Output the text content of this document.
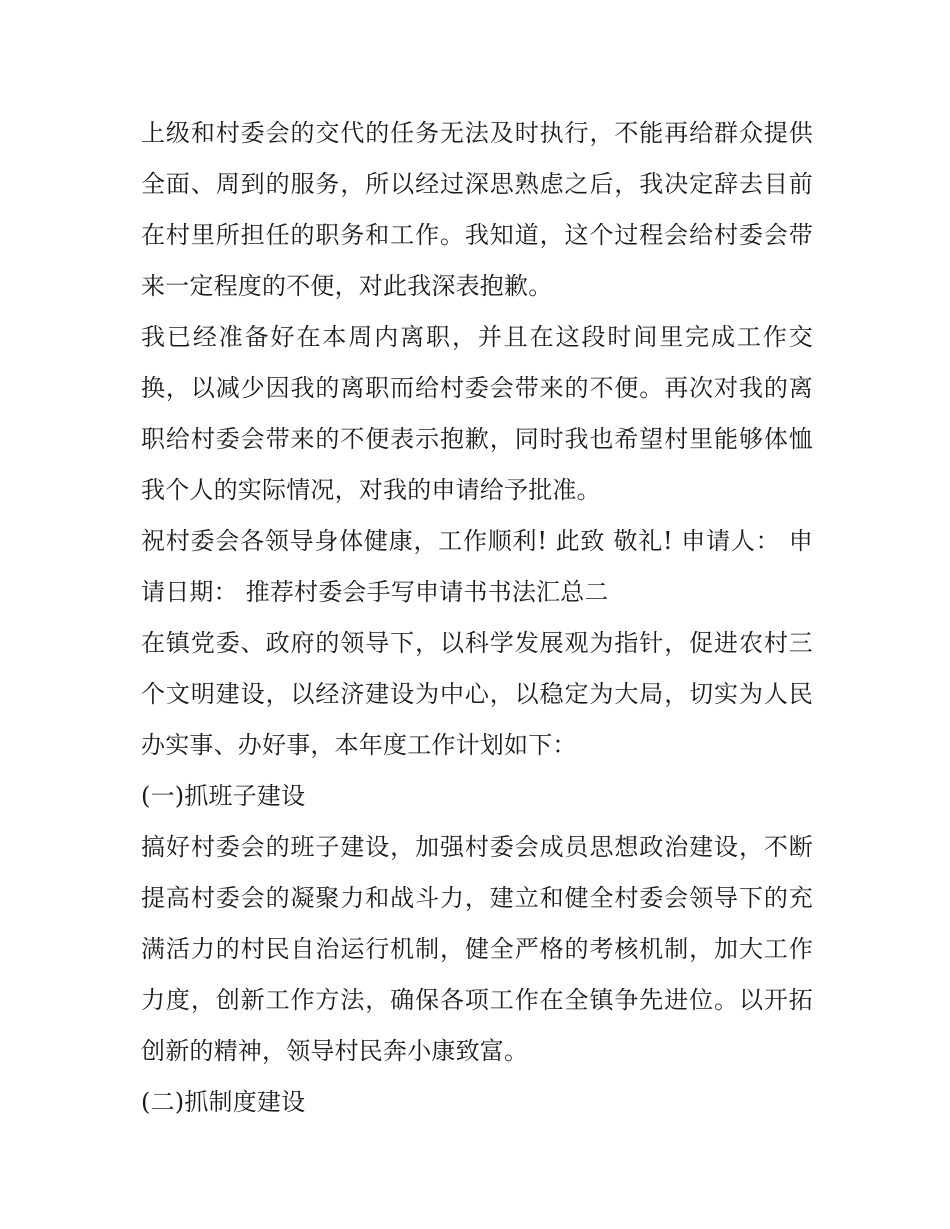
上级和村委会的交代的任务无法及时执行，不能再给群众提供全面、周到的服务，所以经过深思熟虑之后，我决定辞去目前在村里所担任的职务和工作。我知道，这个过程会给村委会带来一定程度的不便，对此我深表抱歉。

我已经准备好在本周内离职，并且在这段时间里完成工作交换，以减少因我的离职而给村委会带来的不便。再次对我的离职给村委会带来的不便表示抱歉，同时我也希望村里能够体恤我个人的实际情况，对我的申请给予批准。

祝村委会各领导身体健康，工作顺利! 此致 敬礼! 申请人： 申请日期： 推荐村委会手写申请书书法汇总二

在镇党委、政府的领导下，以科学发展观为指针，促进农村三个文明建设，以经济建设为中心，以稳定为大局，切实为人民办实事、办好事，本年度工作计划如下：

(一)抓班子建设

搞好村委会的班子建设，加强村委会成员思想政治建设，不断提高村委会的凝聚力和战斗力，建立和健全村委会领导下的充满活力的村民自治运行机制，健全严格的考核机制，加大工作力度，创新工作方法，确保各项工作在全镇争先进位。以开拓创新的精神，领导村民奔小康致富。

(二)抓制度建设
